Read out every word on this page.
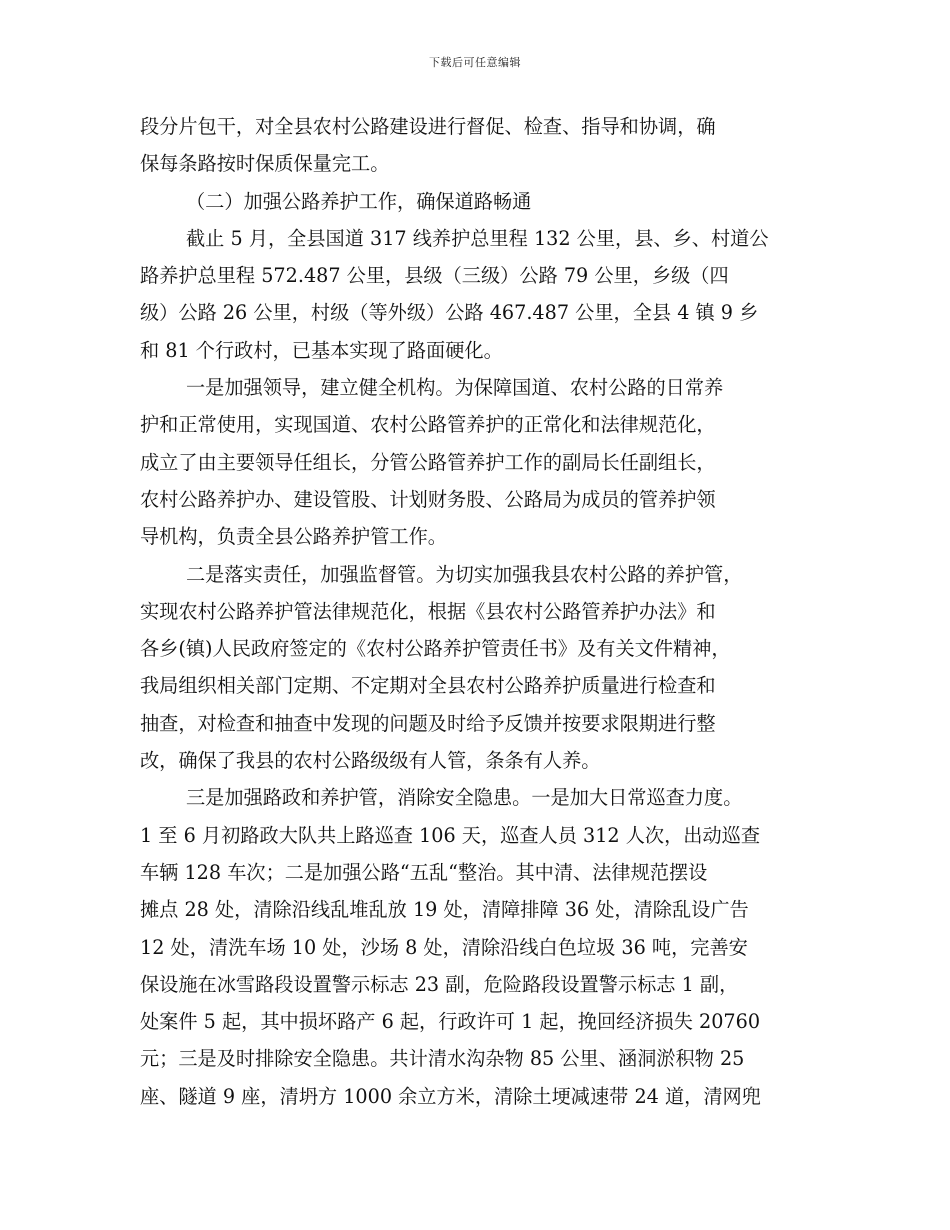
下载后可任意编辑
段分片包干，对全县农村公路建设进行督促、检查、指导和协调，确
保每条路按时保质保量完工。
（二）加强公路养护工作，确保道路畅通
截止 5 月，全县国道 317 线养护总里程 132 公里，县、乡、村道公
路养护总里程 572.487 公里，县级（三级）公路 79 公里，乡级（四
级）公路 26 公里，村级（等外级）公路 467.487 公里，全县 4 镇 9 乡
和 81 个行政村，已基本实现了路面硬化。
一是加强领导，建立健全机构。为保障国道、农村公路的日常养
护和正常使用，实现国道、农村公路管养护的正常化和法律规范化，
成立了由主要领导任组长，分管公路管养护工作的副局长任副组长，
农村公路养护办、建设管股、计划财务股、公路局为成员的管养护领
导机构，负责全县公路养护管工作。
二是落实责任，加强监督管。为切实加强我县农村公路的养护管，
实现农村公路养护管法律规范化，根据《县农村公路管养护办法》和
各乡(镇)人民政府签定的《农村公路养护管责任书》及有关文件精神，
我局组织相关部门定期、不定期对全县农村公路养护质量进行检查和
抽查，对检查和抽查中发现的问题及时给予反馈并按要求限期进行整
改，确保了我县的农村公路级级有人管，条条有人养。
三是加强路政和养护管，消除安全隐患。一是加大日常巡查力度。
1 至 6 月初路政大队共上路巡查 106 天，巡查人员 312 人次，出动巡查
车辆 128 车次；二是加强公路“五乱“整治。其中清、法律规范摆设
摊点 28 处，清除沿线乱堆乱放 19 处，清障排障 36 处，清除乱设广告
12 处，清洗车场 10 处，沙场 8 处，清除沿线白色垃圾 36 吨，完善安
保设施在冰雪路段设置警示标志 23 副，危险路段设置警示标志 1 副，
处案件 5 起，其中损坏路产 6 起，行政许可 1 起，挽回经济损失 20760
元；三是及时排除安全隐患。共计清水沟杂物 85 公里、涵洞淤积物 25
座、隧道 9 座，清坍方 1000 余立方米，清除土埂减速带 24 道，清网兜
